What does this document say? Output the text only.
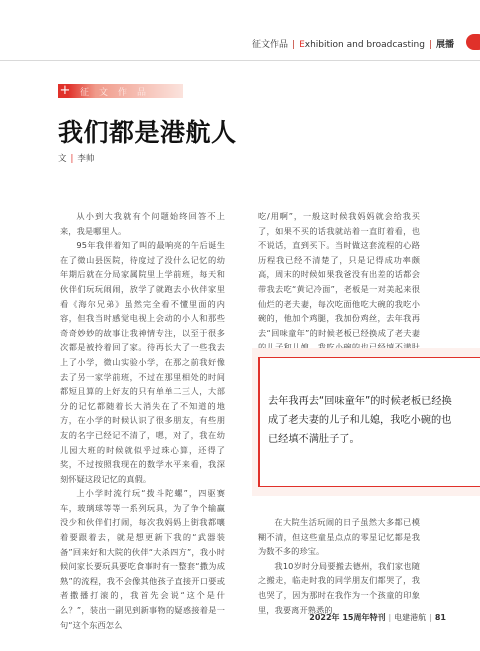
征文作品 | Exhibition and broadcasting | 展播
+ 征文作品
我们都是港航人
文 | 李帅

从小到大我就有个问题始终回答不上来，我是哪里人。

95年我伴着知了叫的最响亮的午后诞生在了微山县医院，待度过了没什么记忆的幼年期后就在分局家属院里上学前班，每天和伙伴们玩玩闹闹，放学了就跑去小伙伴家里看《海尔兄弟》虽然完全看不懂里面的内容，但我当时感觉电视上会动的小人和那些奇奇妙妙的故事让我神情专注，以至于很多次都是被拎着回了家。待再长大了一些我去上了小学，微山实验小学，在那之前我好像去了另一家学前班，不过在那里相处的时间都短且算的上好友的只有单单二三人，大部分的记忆都随着长大消失在了不知道的地方，在小学的时候认识了很多朋友，有些朋友的名字已经记不清了，嗯，对了，我在幼儿园大班的时候就似乎过珠心算，还得了奖，不过按照我现在的数学水平来看，我深刻怀疑这段记忆的真假。

上小学时流行玩“拨斗陀螺”，四驱赛车，玻璃球等等一系列玩具，为了争个输赢没少和伙伴们打闹，每次我妈妈上街我都嚷着要跟着去，就是想更新下我的“武器装备”回来好和大院的伙伴“大杀四方”，我小时候问家长要玩具要吃食事时有一整套“撒为成熟”的流程，我不会像其他孩子直接开口要或者撒播打滚的，我首先会说“这个是什么？”，装出一副见到新事物的疑惑接着是一句“这个东西怎么

吃/用啊”，一般这时候我妈妈就会给我买了，如果不买的话我就站着一直盯着看，也不说话，直到买下。当时做这套流程的心路历程我已经不清楚了，只是记得成功率颇高，周末的时候如果我爸没有出差的话都会带我去吃“黄记冷面”，老板是一对美起来很仙烂的老夫妻，每次吃面他吃大碗的我吃小碗的，他加个鸡腿，我加份鸡丝，去年我再去“回味童年”的时候老板已经换成了老夫妻

去年我再去“回味童年”的时候老板已经换成了老夫妻的儿子和儿媳，我吃小碗的也已经填不满肚子了。

在大院生活玩闹的日子虽然大多都已模糊不清，但这些童星点点的零星记忆都是我为数不多的珍宝。

我10岁时分局要搬去德州，我们家也随之搬走，临走时我的同学朋友们都哭了，我也哭了，因为那时在我作为一个孩童的印象里，我要离开熟悉的

2022年 15周年特刊 | 电建港航 | 81
